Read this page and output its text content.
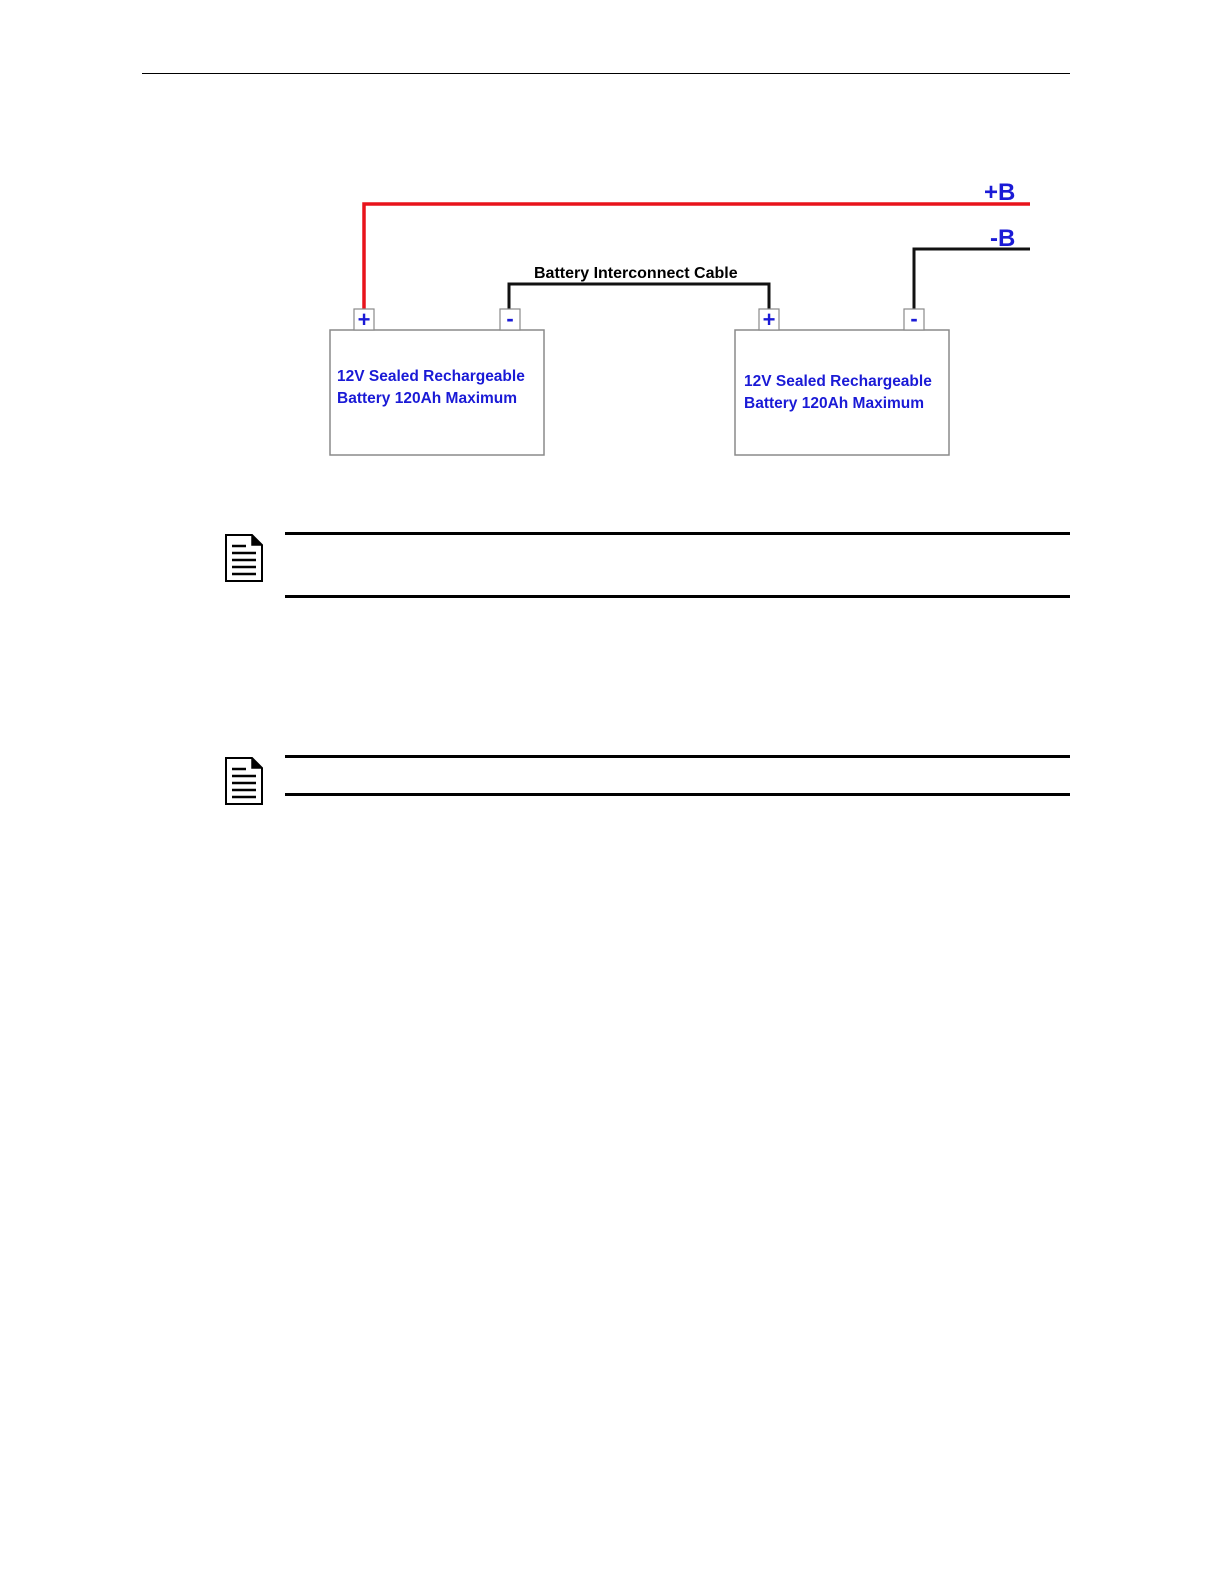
+B
-B
Battery Interconnect Cable
+	-
12V Sealed Rechargeable
Battery 120Ah Maximum
+	-
12V Sealed Rechargeable
Battery 120Ah Maximum
